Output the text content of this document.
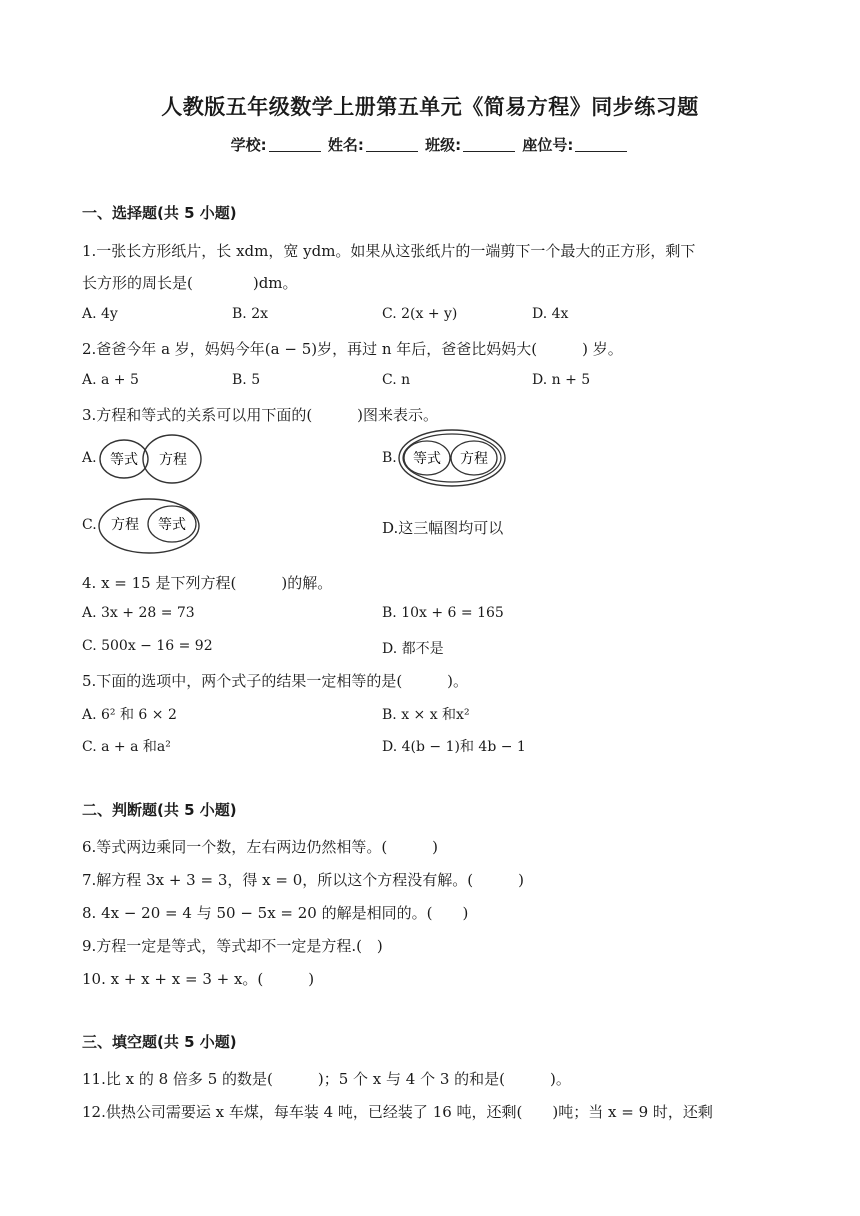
人教版五年级数学上册第五单元《简易方程》同步练习题
学校:	姓名:	班级:	座位号:
一、选择题(共 5 小题)
1.一张长方形纸片，长 xdm，宽 ydm。如果从这张纸片的一端剪下一个最大的正方形，剩下
长方形的周长是(　　　　)dm。
A. 4y	B. 2x	C. 2(x + y)	D. 4x
2.爸爸今年 a 岁，妈妈今年(a − 5)岁，再过 n 年后，爸爸比妈妈大(　　　) 岁。
A. a + 5	B. 5	C. n	D. n + 5
3.方程和等式的关系可以用下面的(　　　)图来表示。
A. 等式 方程	B. 等式 方程
C. 方程 等式	D.这三幅图均可以
4. x = 15 是下列方程(　　　)的解。
A. 3x + 28 = 73	B. 10x + 6 = 165
C. 500x − 16 = 92	D. 都不是
5.下面的选项中，两个式子的结果一定相等的是(　　　)。
A. 6² 和 6 × 2	B. x × x 和x²
C. a + a 和a²	D. 4(b − 1)和 4b − 1
二、判断题(共 5 小题)
6.等式两边乘同一个数，左右两边仍然相等。(　　　)
7.解方程 3x + 3 = 3，得 x = 0，所以这个方程没有解。(　　　)
8. 4x − 20 = 4 与 50 − 5x = 20 的解是相同的。(　　)
9.方程一定是等式，等式却不一定是方程.(　)
10. x + x + x = 3 + x。(　　　)
三、填空题(共 5 小题)
11.比 x 的 8 倍多 5 的数是(　　　)；5 个 x 与 4 个 3 的和是(　　　)。
12.供热公司需要运 x 车煤，每车装 4 吨，已经装了 16 吨，还剩(　　)吨；当 x = 9 时，还剩
